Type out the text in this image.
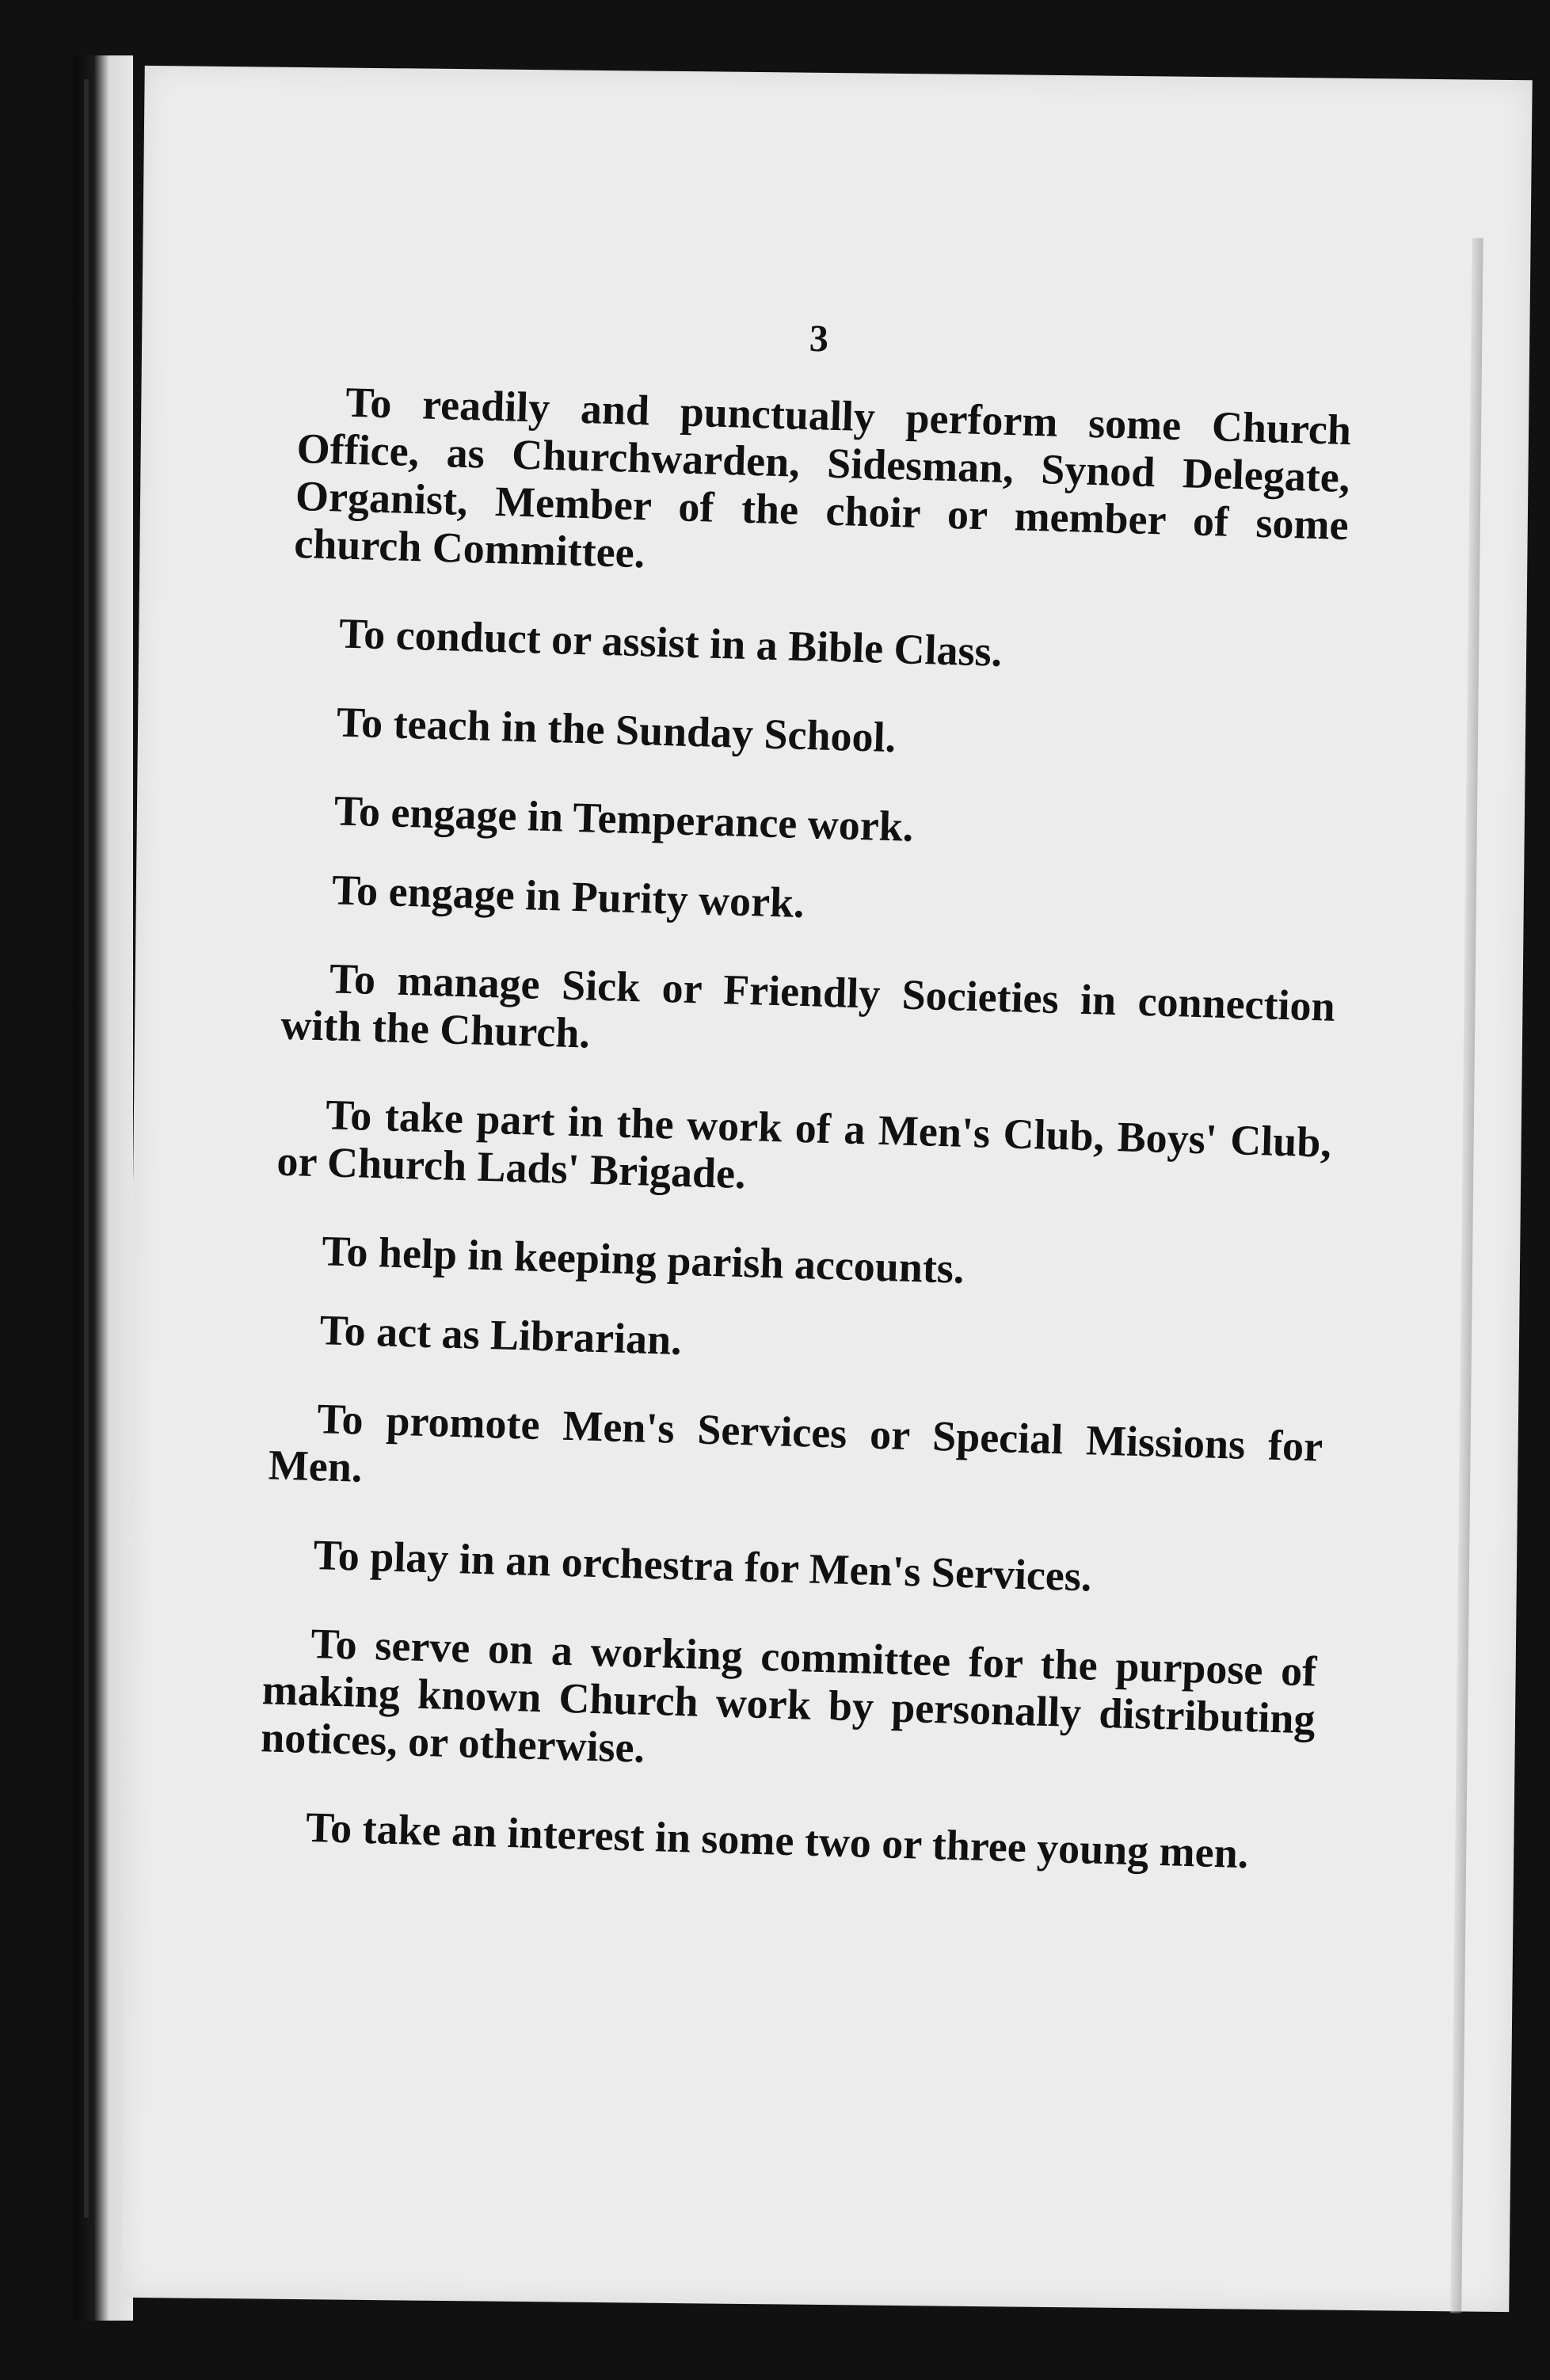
3

To readily and punctually perform some Church Office, as Churchwarden, Sidesman, Synod Delegate, Organist, Member of the choir or member of some church Committee.

To conduct or assist in a Bible Class.

To teach in the Sunday School.

To engage in Temperance work.

To engage in Purity work.

To manage Sick or Friendly Societies in connection with the Church.

To take part in the work of a Men's Club, Boys' Club, or Church Lads' Brigade.

To help in keeping parish accounts.

To act as Librarian.

To promote Men's Services or Special Missions for Men.

To play in an orchestra for Men's Services.

To serve on a working committee for the purpose of making known Church work by personally distributing notices, or otherwise.

To take an interest in some two or three young men.
